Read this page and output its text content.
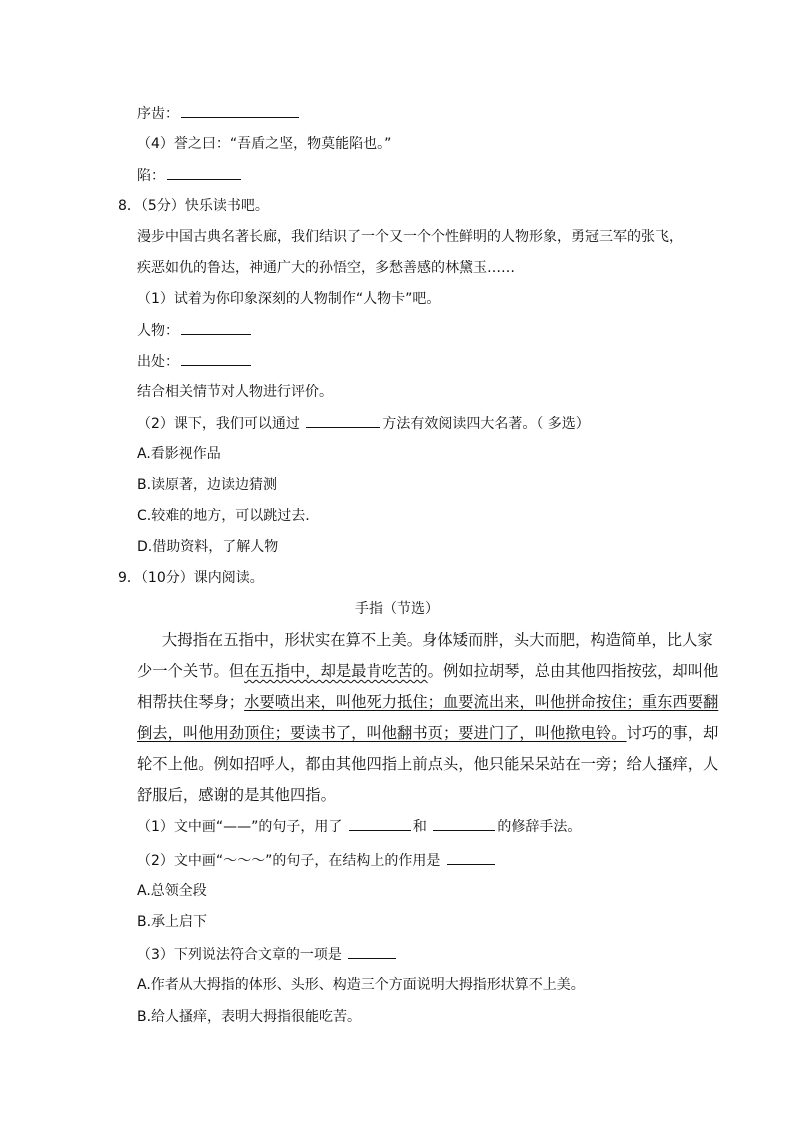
序齿：
（4）誉之曰：“吾盾之坚，物莫能陷也。”
陷：
8．（5分）快乐读书吧。
漫步中国古典名著长廊，我们结识了一个又一个个性鲜明的人物形象，勇冠三军的张飞，
疾恶如仇的鲁达，神通广大的孙悟空，多愁善感的林黛玉……
（1）试着为你印象深刻的人物制作“人物卡”吧。
人物：
出处：
结合相关情节对人物进行评价。
（2）课下，我们可以通过	方法有效阅读四大名著。（ 多选）
A.看影视作品
B.读原著，边读边猜测
C.较难的地方，可以跳过去.
D.借助资料，了解人物
9．（10分）课内阅读。
手指（节选）
大拇指在五指中，形状实在算不上美。身体矮而胖，头大而肥，构造简单，比人家
少一个关节。但在五指中，却是最肯吃苦的。例如拉胡琴，总由其他四指按弦，却叫他
相帮扶住琴身；水要喷出来，叫他死力抵住；血要流出来，叫他拼命按住；重东西要翻
倒去，叫他用劲顶住；要读书了，叫他翻书页；要进门了，叫他揿电铃。讨巧的事，却
轮不上他。例如招呼人，都由其他四指上前点头，他只能呆呆站在一旁；给人搔痒，人
舒服后，感谢的是其他四指。
（1）文中画“——”的句子，用了	和	的修辞手法。
（2）文中画“～～～”的句子，在结构上的作用是
A.总领全段
B.承上启下
（3）下列说法符合文章的一项是
A.作者从大拇指的体形、头形、构造三个方面说明大拇指形状算不上美。
B.给人搔痒，表明大拇指很能吃苦。
